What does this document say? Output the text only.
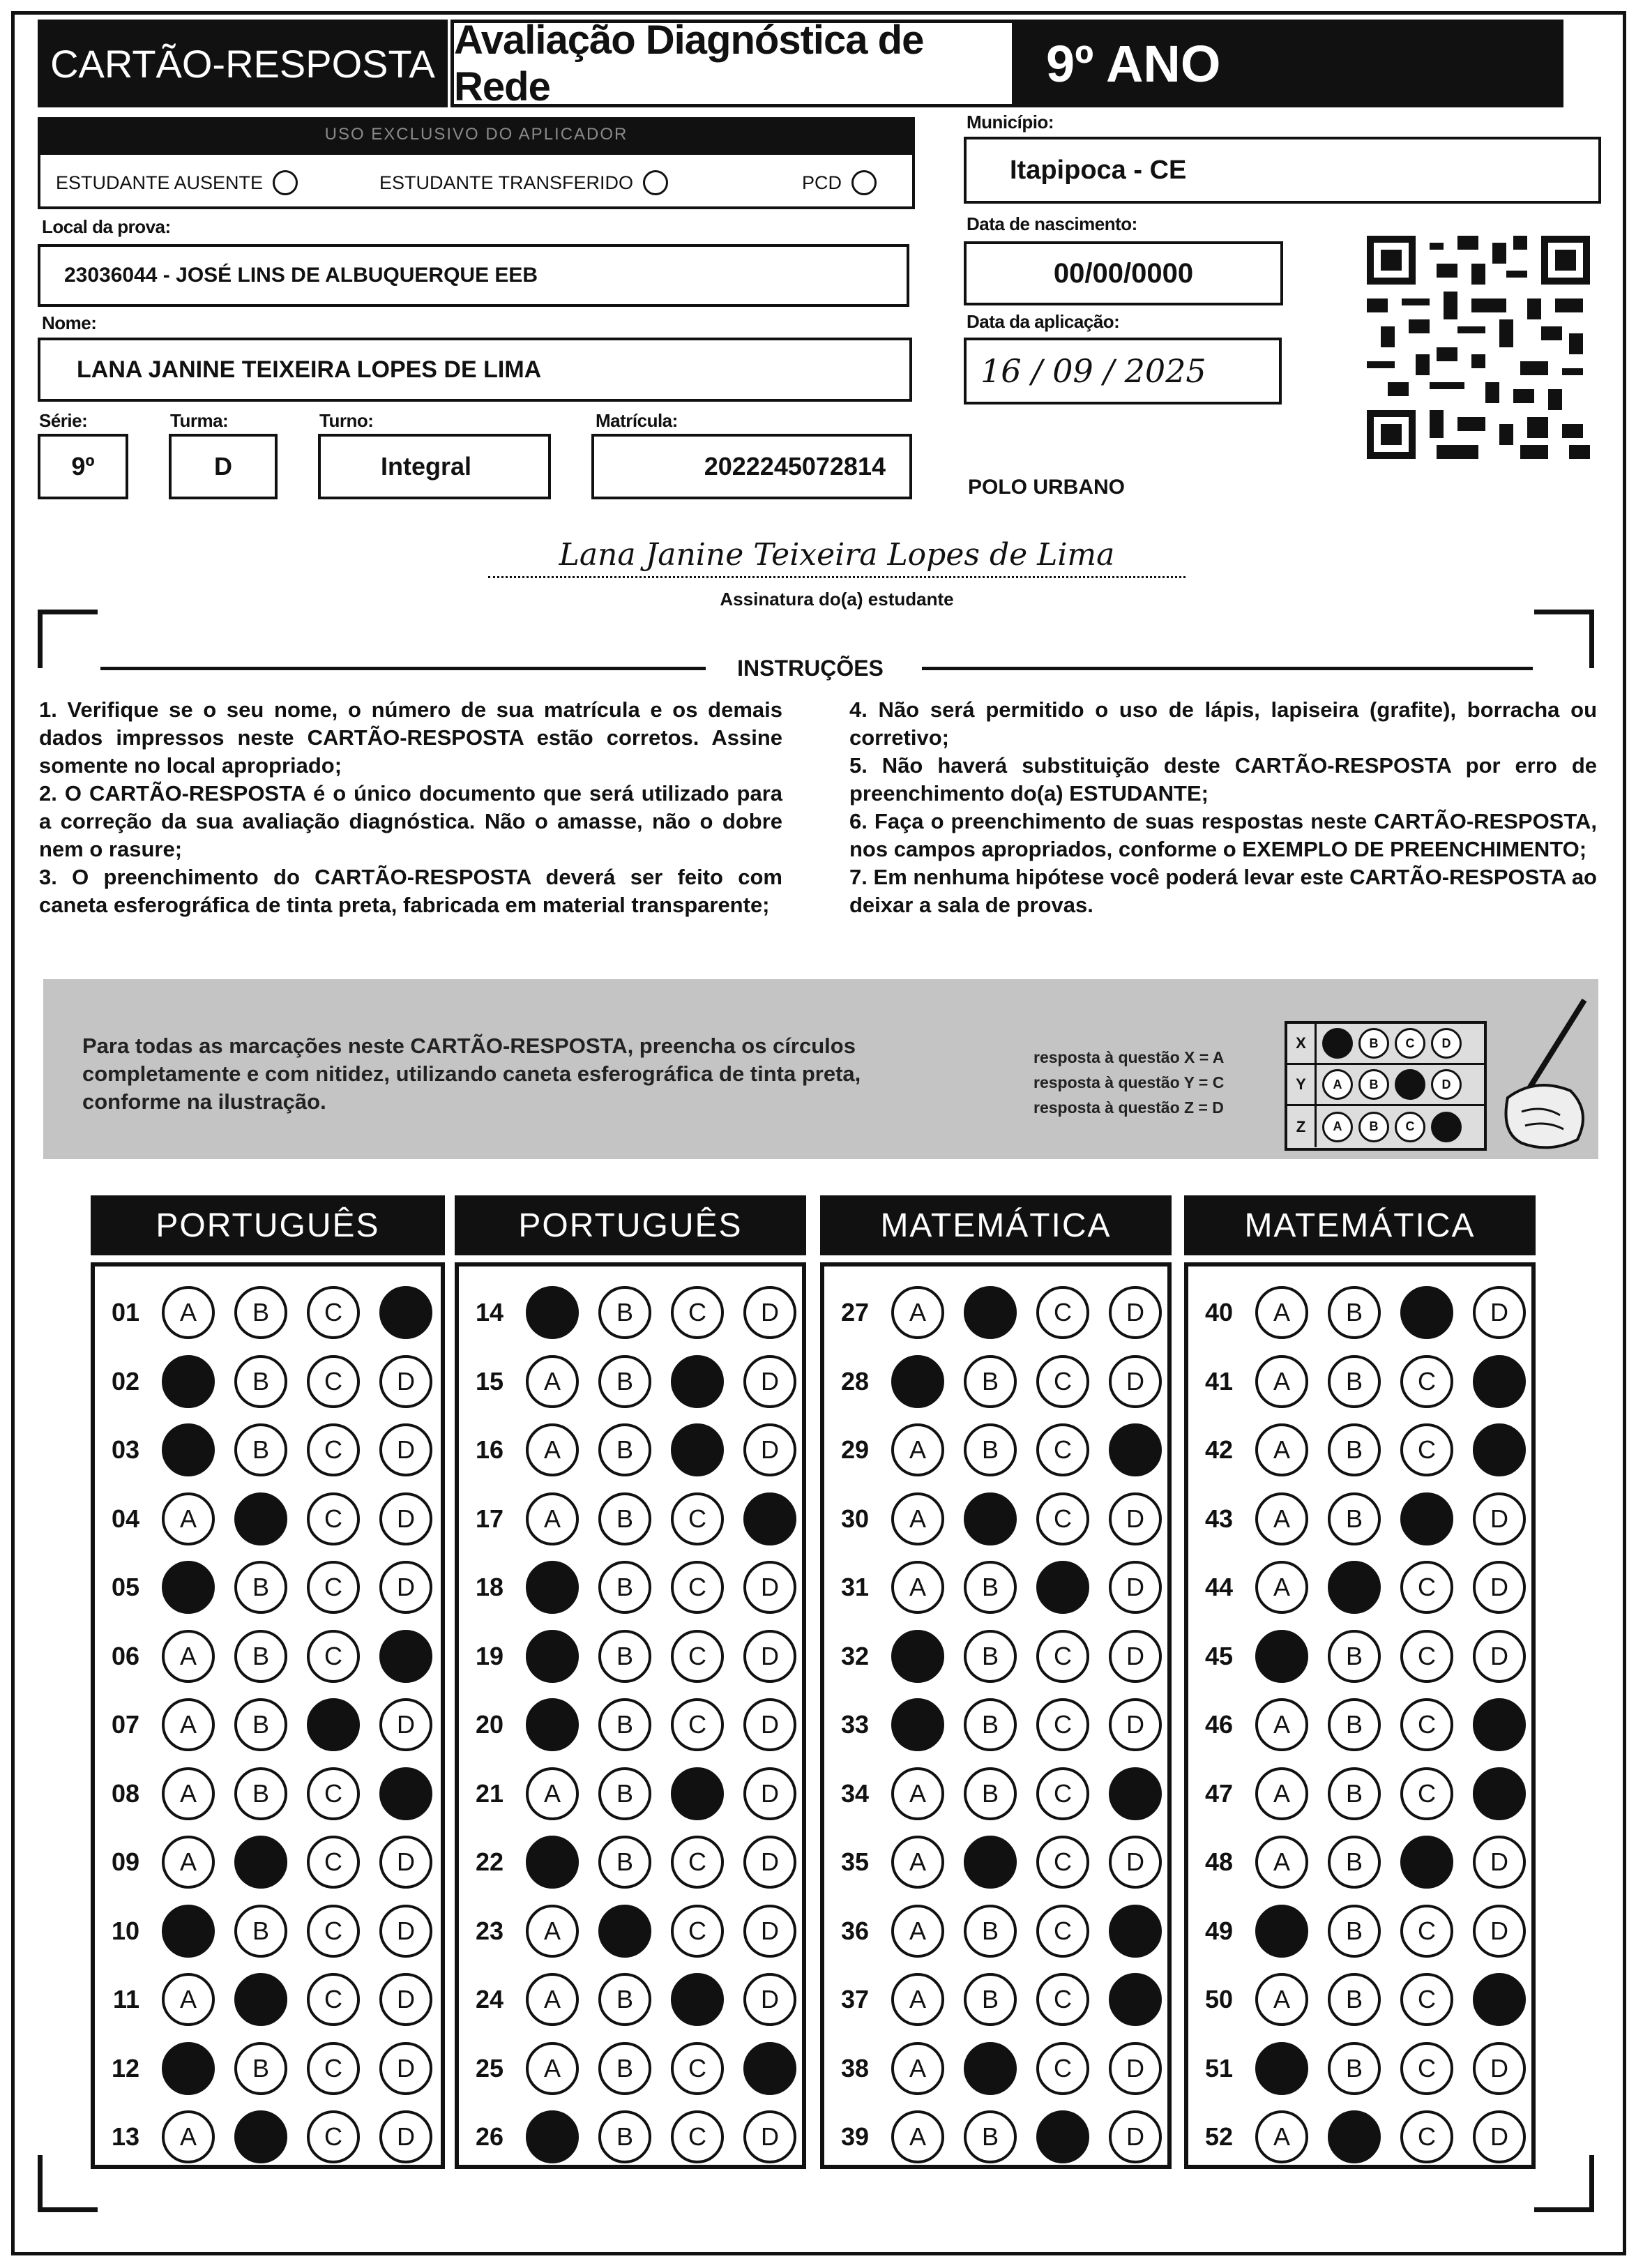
CARTÃO-RESPOSTA
Avaliação Diagnóstica de Rede	9º ANO
USO EXCLUSIVO DO APLICADOR
ESTUDANTE AUSENTE	ESTUDANTE TRANSFERIDO	PCD
Local da prova:
23036044 - JOSÉ LINS DE ALBUQUERQUE EEB
Nome:
LANA JANINE TEIXEIRA LOPES DE LIMA
Série:
9º
Turma:
D
Turno:
Integral
Matrícula:
2022245072814
Município:
Itapipoca - CE
Data de nascimento:
00/00/0000
Data da aplicação:
16 / 09 / 2025
POLO URBANO
Lana Janine Teixeira Lopes de Lima
Assinatura do(a) estudante
INSTRUÇÕES

1. Verifique se o seu nome, o número de sua matrícula e os demais dados impressos neste CARTÃO-RESPOSTA estão corretos. Assine somente no local apropriado;

2. O CARTÃO-RESPOSTA é o único documento que será utilizado para a correção da sua avaliação diagnóstica. Não o amasse, não o dobre nem o rasure;

3. O preenchimento do CARTÃO-RESPOSTA deverá ser feito com caneta esferográfica de tinta preta, fabricada em material transparente;

4. Não será permitido o uso de lápis, lapiseira (grafite), borracha ou corretivo;

5. Não haverá substituição deste CARTÃO-RESPOSTA por erro de preenchimento do(a) ESTUDANTE;

6. Faça o preenchimento de suas respostas neste CARTÃO-RESPOSTA, nos campos apropriados, conforme o EXEMPLO DE PREENCHIMENTO;

7. Em nenhuma hipótese você poderá levar este CARTÃO-RESPOSTA ao deixar a sala de provas.

Para todas as marcações neste CARTÃO-RESPOSTA, preencha os círculos completamente e com nitidez, utilizando caneta esferográfica de tinta preta, conforme na ilustração.
resposta à questão X = A
resposta à questão Y = C
resposta à questão Z = D
X	B	C	D
Y	A	B	D
Z	A	B	C
PORTUGUÊS
01	A	B	C
02	B	C	D
03	B	C	D
04	A	C	D
05	B	C	D
06	A	B	C
07	A	B	D
08	A	B	C
09	A	C	D
10	B	C	D
11	A	C	D
12	B	C	D
13	A	C	D
PORTUGUÊS
14	B	C	D
15	A	B	D
16	A	B	D
17	A	B	C
18	B	C	D
19	B	C	D
20	B	C	D
21	A	B	D
22	B	C	D
23	A	C	D
24	A	B	D
25	A	B	C
26	B	C	D
MATEMÁTICA
27	A	C	D
28	B	C	D
29	A	B	C
30	A	C	D
31	A	B	D
32	B	C	D
33	B	C	D
34	A	B	C
35	A	C	D
36	A	B	C
37	A	B	C
38	A	C	D
39	A	B	D
MATEMÁTICA
40	A	B	D
41	A	B	C
42	A	B	C
43	A	B	D
44	A	C	D
45	B	C	D
46	A	B	C
47	A	B	C
48	A	B	D
49	B	C	D
50	A	B	C
51	B	C	D
52	A	C	D
